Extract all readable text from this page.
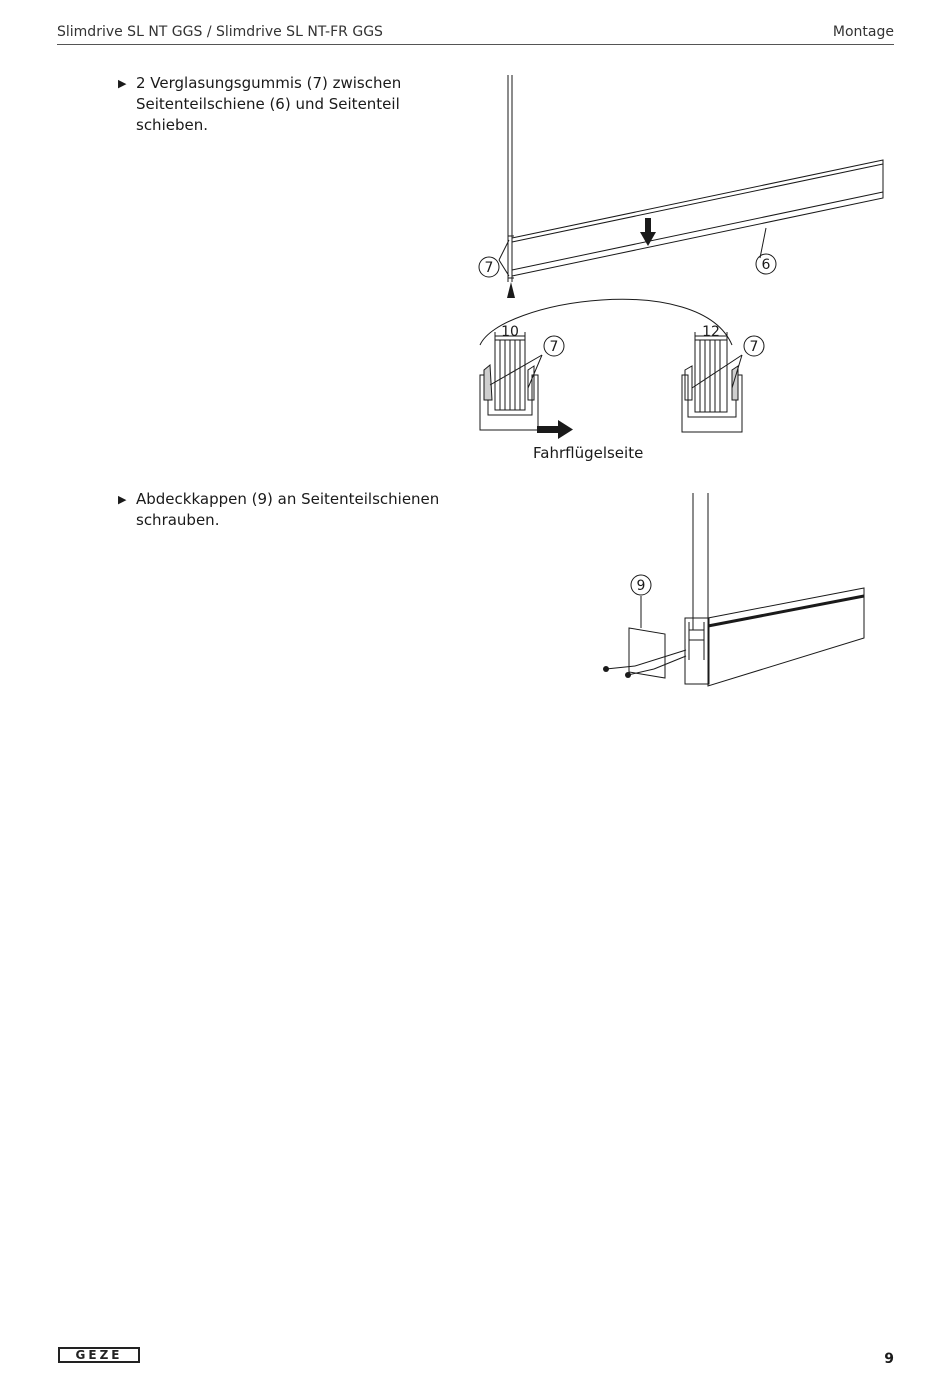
Slimdrive SL NT GGS / Slimdrive SL NT-FR GGS	Montage
▶ 2 Verglasungsgummis (7) zwischen Seitenteilschiene (6) und Seitenteil schieben.
7	6
10	12
7	7
Fahrflügelseite
▶ Abdeckkappen (9) an Seitenteilschienen schrauben.
9
GEZE	9
